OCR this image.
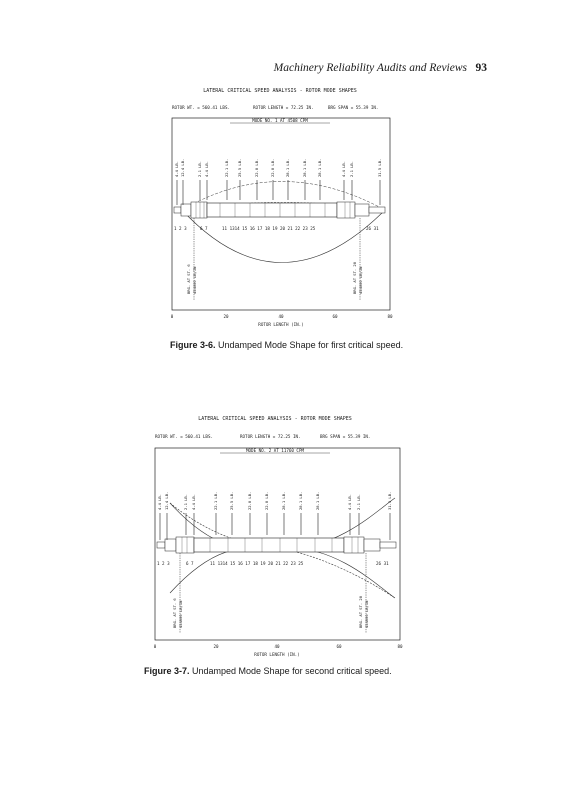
Machinery Reliability Audits and Reviews 93
LATERAL CRITICAL SPEED ANALYSIS - ROTOR MODE SHAPES
ROTOR WT. = 560.41 LBS.	ROTOR LENGTH = 72.25 IN.	BRG SPAN = 55.39 IN.
MODE NO. 1 AT 4508 CPM
4.4 LB. 12.4 LB.	2.1 LB. 4.4 LB.	22.1 LB. 25.5 LB.	22.8 LB.	22.8 LB.	28.1 LB.	28.1 LB.	28.1 LB.	4.4 LB. 2.1 LB.	31.5 LB.
1 2 3	6 7	11 1314 15 16 17 18 19 20 21 22 23 25	26 31
BRG. AT ST. 6 454000 LB/IN	BRG. AT ST. 28 454000 LB/IN
0	20	40	60	80
ROTOR LENGTH (IN.)
Figure 3-6. Undamped Mode Shape for first critical speed.
LATERAL CRITICAL SPEED ANALYSIS - ROTOR MODE SHAPES
ROTOR WT. = 560.41 LBS.	ROTOR LENGTH = 72.25 IN.	BRG SPAN = 55.39 IN.
MODE NO. 2 AT 11760 CPM
4.4 LB. 12.4 LB.	2.1 LB. 4.4 LB.	22.1 LB.	25.5 LB.	22.8 LB.	22.8 LB.	28.1 LB.	28.1 LB.	28.1 LB.	4.4 LB. 2.1 LB.	31.5 LB.
1 2 3	6 7	11 1314 15 16 17 18 19 20 21 22 23 25	26 31
BRG. AT ST. 6 454000 LB/IN	BRG. AT ST. 28 454000 LB/IN
0	20	40	60	80
ROTOR LENGTH (IN.)
Figure 3-7. Undamped Mode Shape for second critical speed.
